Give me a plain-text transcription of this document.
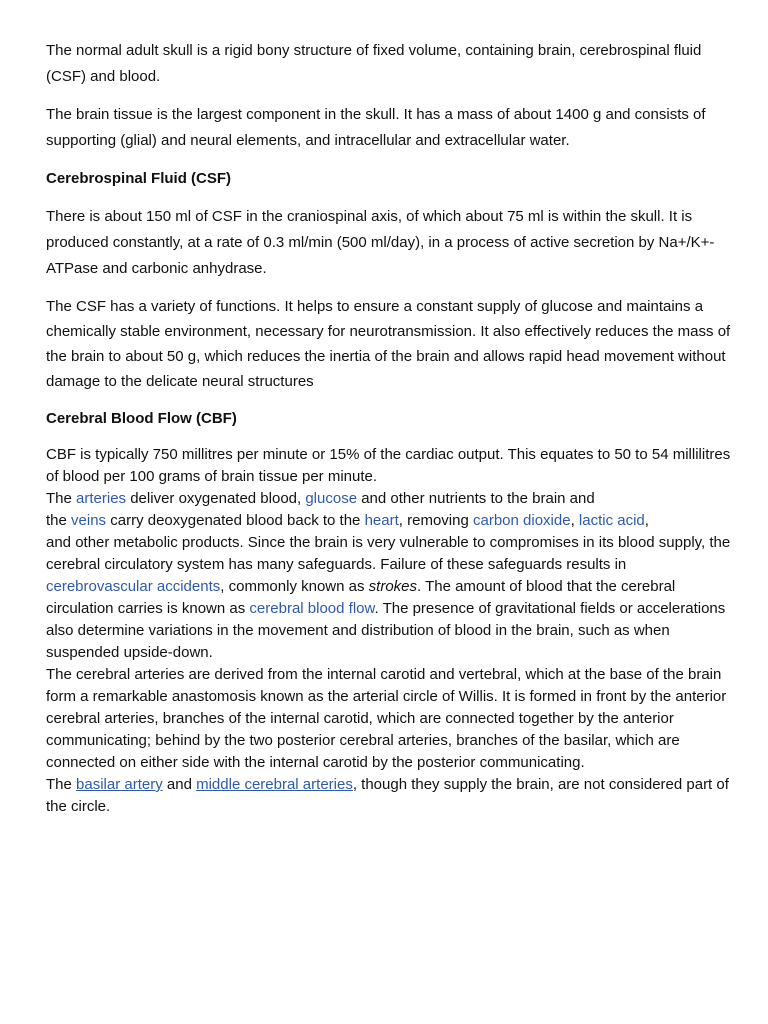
The normal adult skull is a rigid bony structure of fixed volume, containing brain, cerebrospinal fluid (CSF) and blood.

The brain tissue is the largest component in the skull. It has a mass of about 1400 g and consists of supporting (glial) and neural elements, and intracellular and extracellular water.

Cerebrospinal Fluid (CSF)

There is about 150 ml of CSF in the craniospinal axis, of which about 75 ml is within the skull. It is produced constantly, at a rate of 0.3 ml/min (500 ml/day), in a process of active secretion by Na+/K+-ATPase and carbonic anhydrase.

The CSF has a variety of functions. It helps to ensure a constant supply of glucose and maintains a chemically stable environment, necessary for neurotransmission. It also effectively reduces the mass of the brain to about 50 g, which reduces the inertia of the brain and allows rapid head movement without damage to the delicate neural structures

Cerebral Blood Flow (CBF)

CBF is typically 750 millitres per minute or 15% of the cardiac output. This equates to 50 to 54 millilitres of blood per 100 grams of brain tissue per minute.

The arteries deliver oxygenated blood, glucose and other nutrients to the brain and
the veins carry deoxygenated blood back to the heart, removing carbon dioxide, lactic acid,
and other metabolic products. Since the brain is very vulnerable to compromises in its blood supply, the cerebral circulatory system has many safeguards. Failure of these safeguards results in cerebrovascular accidents, commonly known as strokes. The amount of blood that the cerebral circulation carries is known as cerebral blood flow. The presence of gravitational fields or accelerations also determine variations in the movement and distribution of blood in the brain, such as when suspended upside-down.

The cerebral arteries are derived from the internal carotid and vertebral, which at the base of the brain form a remarkable anastomosis known as the arterial circle of Willis. It is formed in front by the anterior cerebral arteries, branches of the internal carotid, which are connected together by the anterior communicating; behind by the two posterior cerebral arteries, branches of the basilar, which are connected on either side with the internal carotid by the posterior communicating.

The basilar artery and middle cerebral arteries, though they supply the brain, are not considered part of the circle.
